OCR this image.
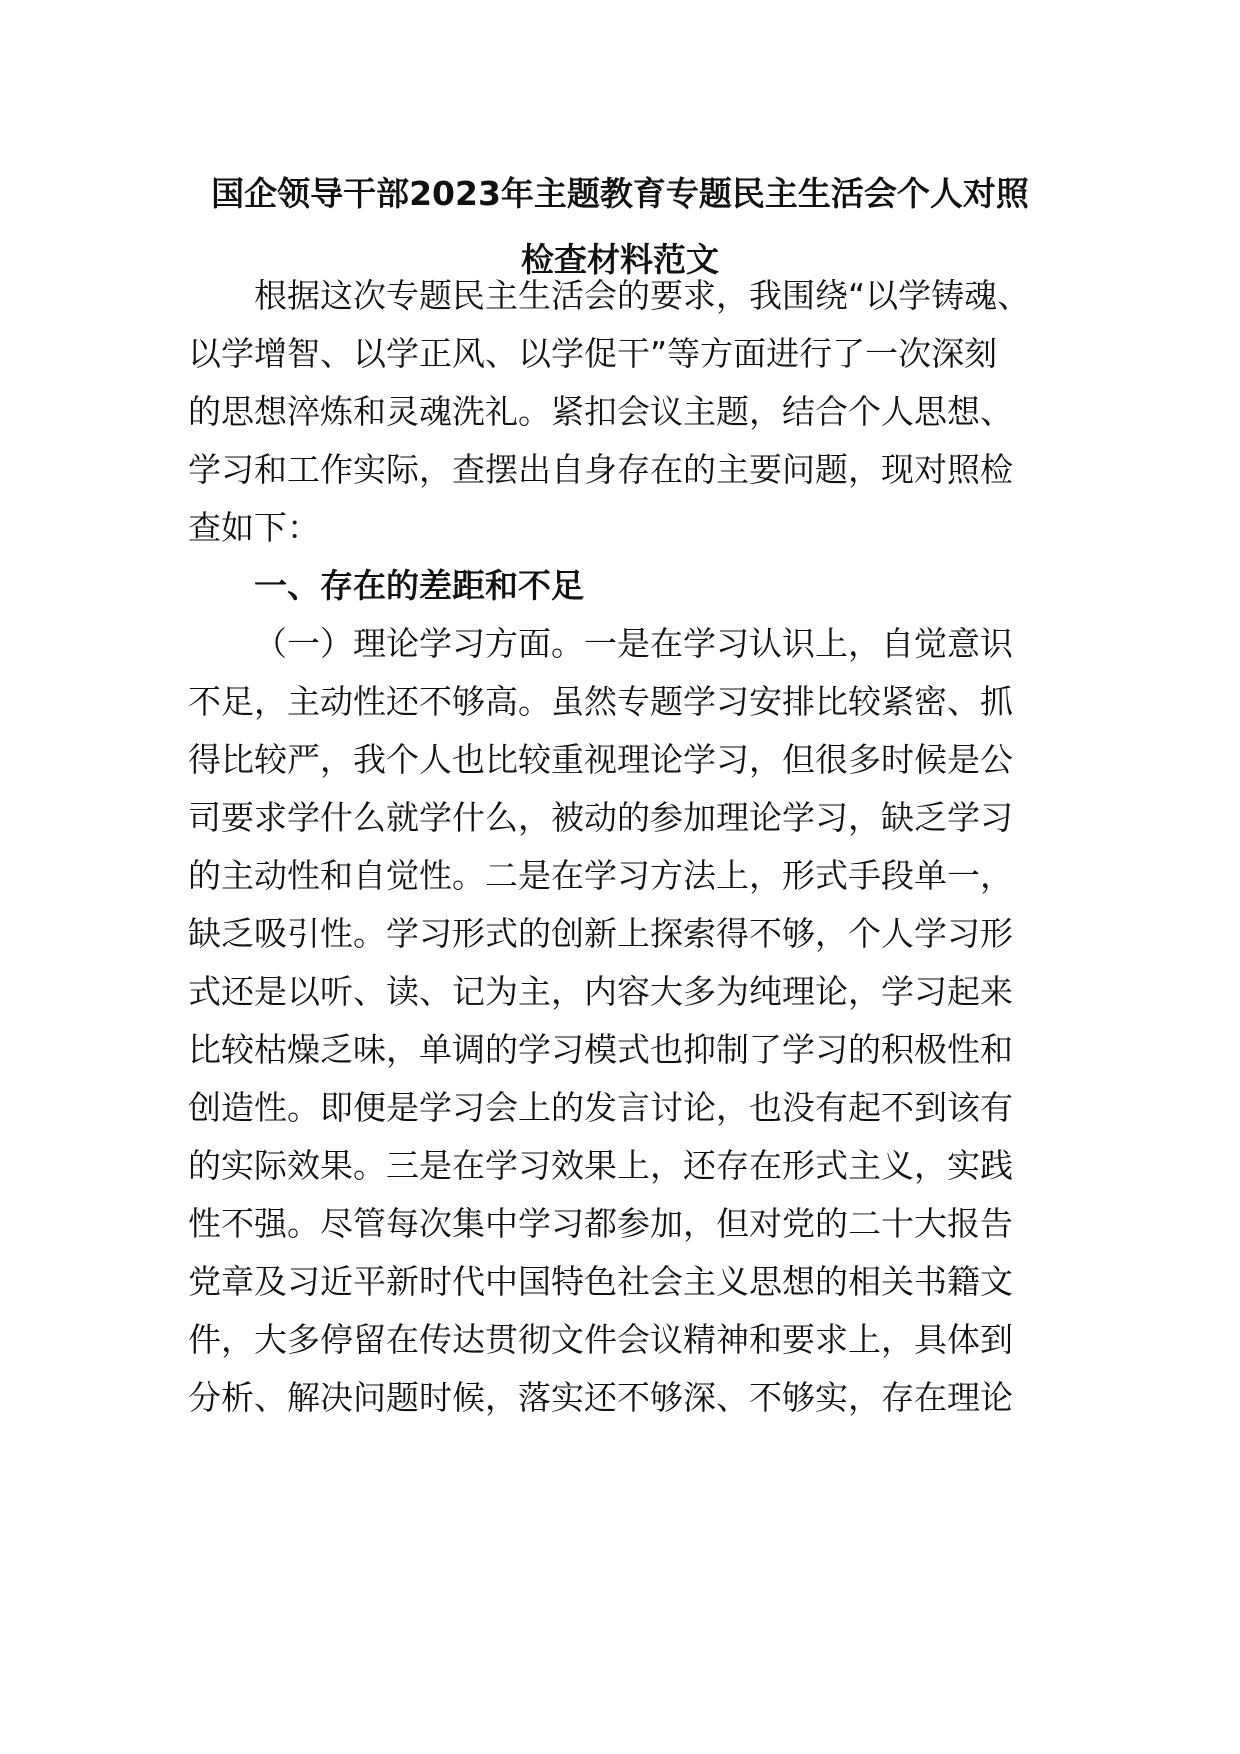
国企领导干部2023年主题教育专题民主生活会个人对照
检查材料范文
根据这次专题民主生活会的要求，我围绕“以学铸魂、
以学增智、以学正风、以学促干”等方面进行了一次深刻
的思想淬炼和灵魂洗礼。紧扣会议主题，结合个人思想、
学习和工作实际，查摆出自身存在的主要问题，现对照检
查如下：
一、存在的差距和不足
（一）理论学习方面。一是在学习认识上，自觉意识
不足，主动性还不够高。虽然专题学习安排比较紧密、抓
得比较严，我个人也比较重视理论学习，但很多时候是公
司要求学什么就学什么，被动的参加理论学习，缺乏学习
的主动性和自觉性。二是在学习方法上，形式手段单一，
缺乏吸引性。学习形式的创新上探索得不够，个人学习形
式还是以听、读、记为主，内容大多为纯理论，学习起来
比较枯燥乏味，单调的学习模式也抑制了学习的积极性和
创造性。即便是学习会上的发言讨论，也没有起不到该有
的实际效果。三是在学习效果上，还存在形式主义，实践
性不强。尽管每次集中学习都参加，但对党的二十大报告
党章及习近平新时代中国特色社会主义思想的相关书籍文
件，大多停留在传达贯彻文件会议精神和要求上，具体到
分析、解决问题时候，落实还不够深、不够实，存在理论
